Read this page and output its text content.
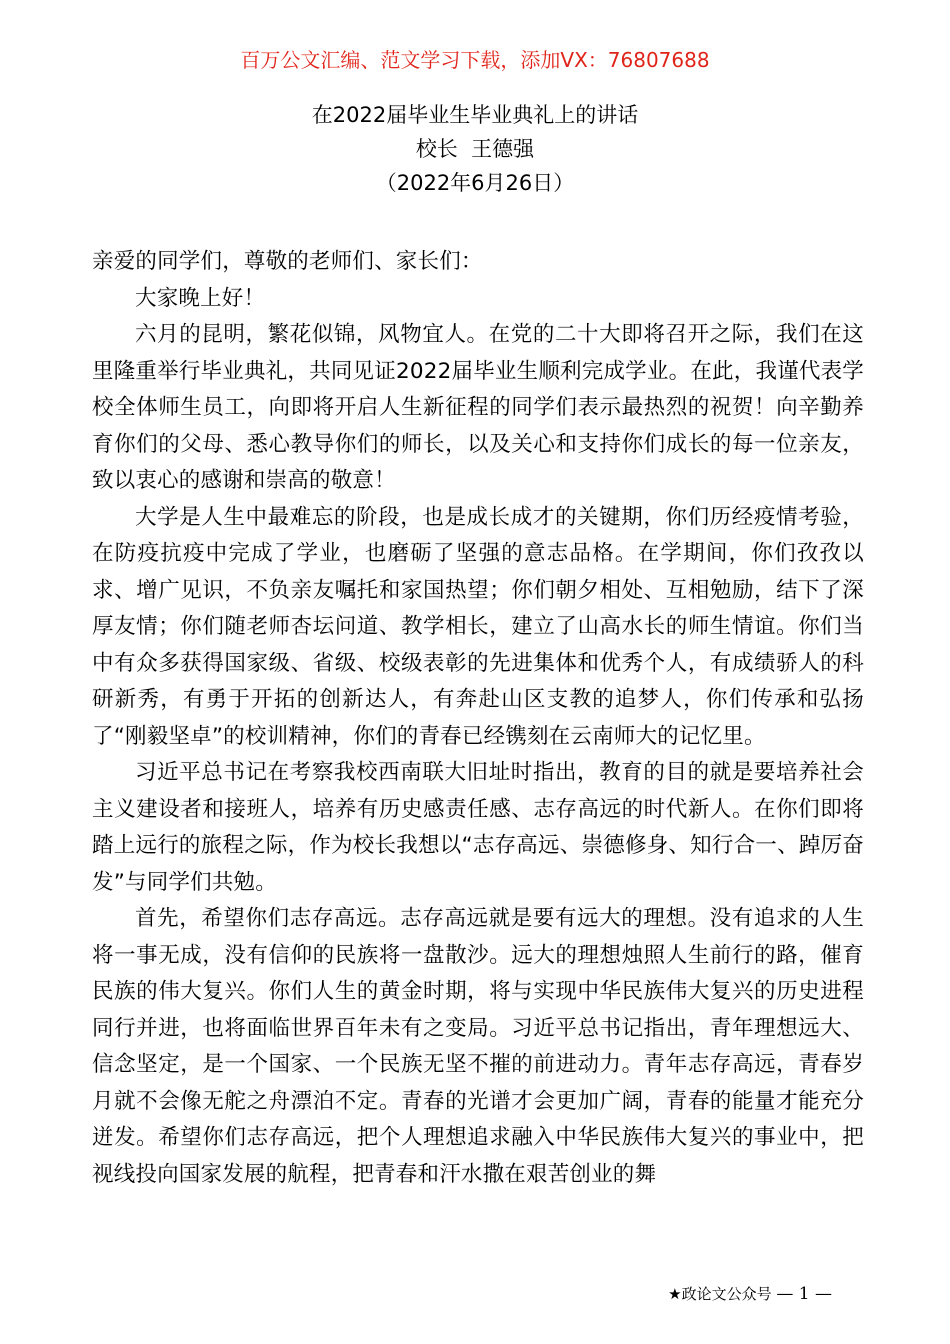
百万公文汇编、范文学习下载，添加VX：76807688
在2022届毕业生毕业典礼上的讲话
校长  王德强
（2022年6月26日）

亲爱的同学们，尊敬的老师们、家长们：

大家晚上好！

六月的昆明，繁花似锦，风物宜人。在党的二十大即将召开之际，我们在这里隆重举行毕业典礼，共同见证2022届毕业生顺利完成学业。在此，我谨代表学校全体师生员工，向即将开启人生新征程的同学们表示最热烈的祝贺！向辛勤养育你们的父母、悉心教导你们的师长，以及关心和支持你们成长的每一位亲友，致以衷心的感谢和崇高的敬意！

大学是人生中最难忘的阶段，也是成长成才的关键期，你们历经疫情考验，在防疫抗疫中完成了学业，也磨砺了坚强的意志品格。在学期间，你们孜孜以求、增广见识，不负亲友嘱托和家国热望；你们朝夕相处、互相勉励，结下了深厚友情；你们随老师杏坛问道、教学相长，建立了山高水长的师生情谊。你们当中有众多获得国家级、省级、校级表彰的先进集体和优秀个人，有成绩骄人的科研新秀，有勇于开拓的创新达人，有奔赴山区支教的追梦人，你们传承和弘扬了“刚毅坚卓”的校训精神，你们的青春已经镌刻在云南师大的记忆里。

习近平总书记在考察我校西南联大旧址时指出，教育的目的就是要培养社会主义建设者和接班人，培养有历史感责任感、志存高远的时代新人。在你们即将踏上远行的旅程之际，作为校长我想以“志存高远、崇德修身、知行合一、踔厉奋发”与同学们共勉。

首先，希望你们志存高远。志存高远就是要有远大的理想。没有追求的人生将一事无成，没有信仰的民族将一盘散沙。远大的理想烛照人生前行的路，催育民族的伟大复兴。你们人生的黄金时期，将与实现中华民族伟大复兴的历史进程同行并进，也将面临世界百年未有之变局。习近平总书记指出，青年理想远大、信念坚定，是一个国家、一个民族无坚不摧的前进动力。青年志存高远，青春岁月就不会像无舵之舟漂泊不定。青春的光谱才会更加广阔，青春的能量才能充分迸发。希望你们志存高远，把个人理想追求融入中华民族伟大复兴的事业中，把视线投向国家发展的航程，把青春和汗水撒在艰苦创业的舞

★政论文公众号 — 1 —
